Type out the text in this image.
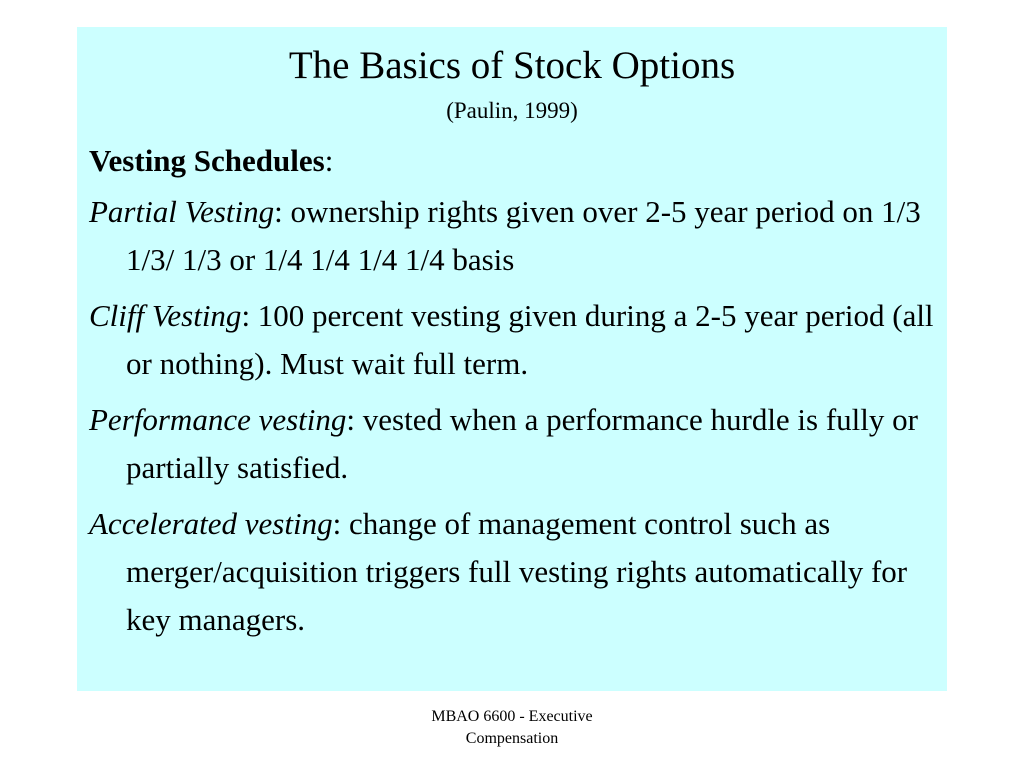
The Basics of Stock Options
(Paulin, 1999)

Vesting Schedules:

Partial Vesting: ownership rights given over 2-5 year period on 1/3 1/3/ 1/3 or 1/4 1/4 1/4 1/4 basis

Cliff Vesting: 100 percent vesting given during a 2-5 year period (all or nothing). Must wait full term.

Performance vesting: vested when a performance hurdle is fully or partially satisfied.

Accelerated vesting: change of management control such as merger/acquisition triggers full vesting rights automatically for key managers.

MBAO 6600 - Executive
Compensation
